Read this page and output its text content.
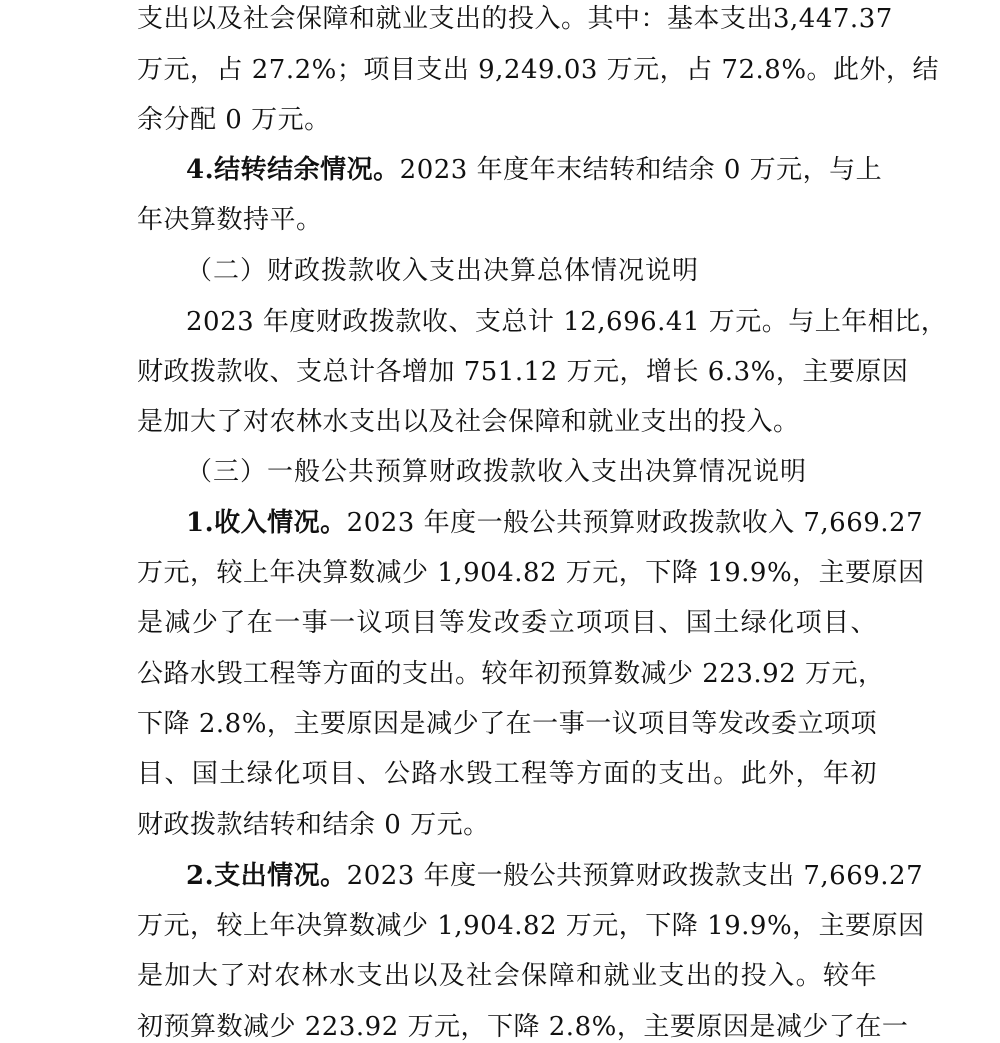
支出以及社会保障和就业支出的投入。其中：基本支出3,447.37
万元，占 27.2%；项目支出 9,249.03 万元，占 72.8%。此外，结
余分配 0 万元。
4.结转结余情况。2023 年度年末结转和结余 0 万元，与上
年决算数持平。
（二）财政拨款收入支出决算总体情况说明
2023 年度财政拨款收、支总计 12,696.41 万元。与上年相比，
财政拨款收、支总计各增加 751.12 万元，增长 6.3%，主要原因
是加大了对农林水支出以及社会保障和就业支出的投入。
（三）一般公共预算财政拨款收入支出决算情况说明
1.收入情况。2023 年度一般公共预算财政拨款收入 7,669.27
万元，较上年决算数减少 1,904.82 万元，下降 19.9%，主要原因
是减少了在一事一议项目等发改委立项项目、国土绿化项目、
公路水毁工程等方面的支出。较年初预算数减少 223.92 万元，
下降 2.8%，主要原因是减少了在一事一议项目等发改委立项项
目、国土绿化项目、公路水毁工程等方面的支出。此外，年初
财政拨款结转和结余 0 万元。
2.支出情况。2023 年度一般公共预算财政拨款支出 7,669.27
万元，较上年决算数减少 1,904.82 万元，下降 19.9%，主要原因
是加大了对农林水支出以及社会保障和就业支出的投入。较年
初预算数减少 223.92 万元，下降 2.8%，主要原因是减少了在一
